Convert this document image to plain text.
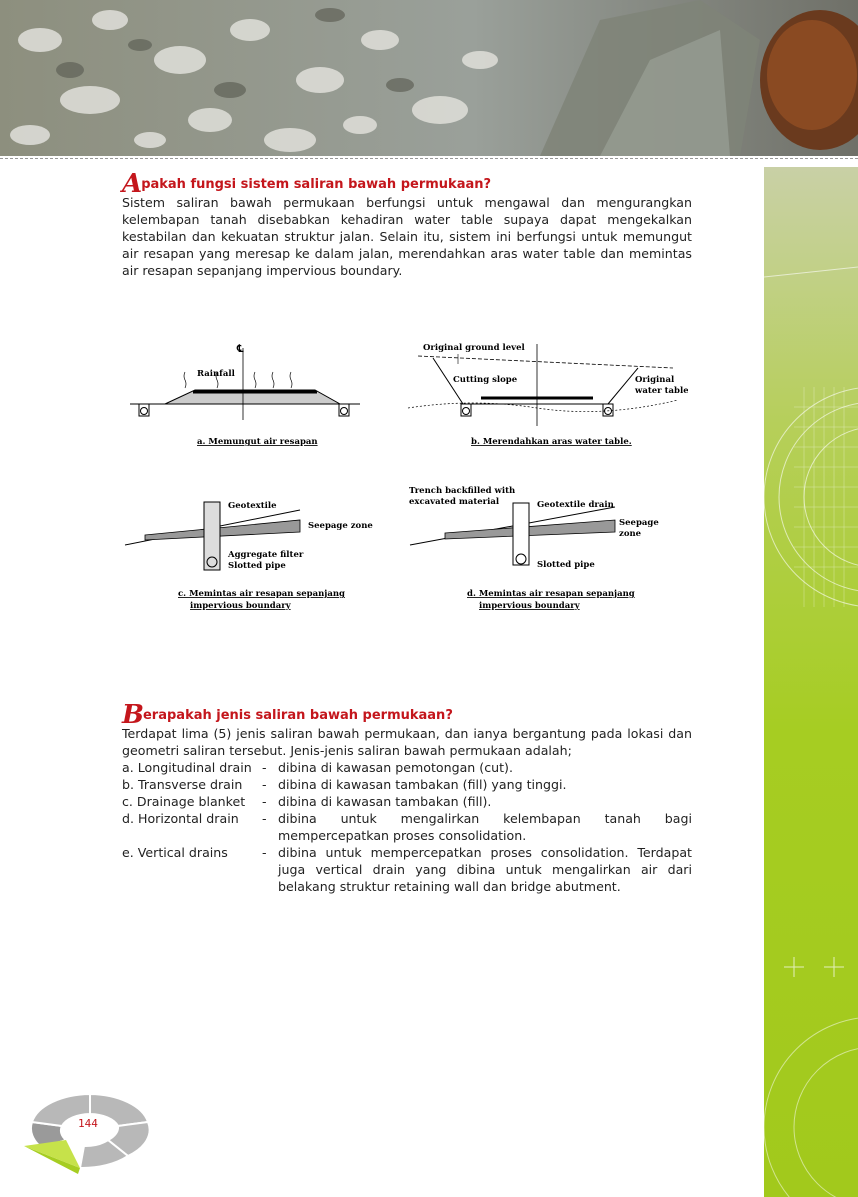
Apakah fungsi sistem saliran bawah permukaan?

Sistem saliran bawah permukaan berfungsi untuk mengawal dan mengurangkan kelembapan tanah disebabkan kehadiran water table supaya dapat mengekalkan kestabilan dan kekuatan struktur jalan. Selain itu, sistem ini berfungsi untuk memungut air resapan yang meresap ke dalam jalan, merendahkan aras water table dan memintas air resapan sepanjang impervious boundary.

℄
Rainfall
a. Memungut air resapan
Original ground level
Cutting slope	Original
water table
b. Merendahkan aras water table.
Geotextile
Seepage zone
Aggregate filter
Slotted pipe
c. Memintas air resapan sepanjang
impervious boundary
Trench backfilled with
excavated material	Geotextile drain
Seepage
zone
Slotted pipe
d. Memintas air resapan sepanjang
impervious boundary

Berapakah jenis saliran bawah permukaan?

Terdapat lima (5) jenis saliran bawah permukaan, dan ianya bergantung pada lokasi dan geometri saliran tersebut. Jenis-jenis saliran bawah permukaan adalah;

a. Longitudinal drain - dibina di kawasan pemotongan (cut).
b. Transverse drain	- dibina di kawasan tambakan (fill) yang tinggi.
c. Drainage blanket	- dibina di kawasan tambakan (fill).
d. Horizontal drain	- dibina untuk mengalirkan kelembapan tanah bagi mempercepatkan proses consolidation.
e. Vertical drains	- dibina untuk mempercepatkan proses consolidation. Terdapat juga vertical drain yang dibina untuk mengalirkan air dari belakang struktur retaining wall dan bridge abutment.
144
